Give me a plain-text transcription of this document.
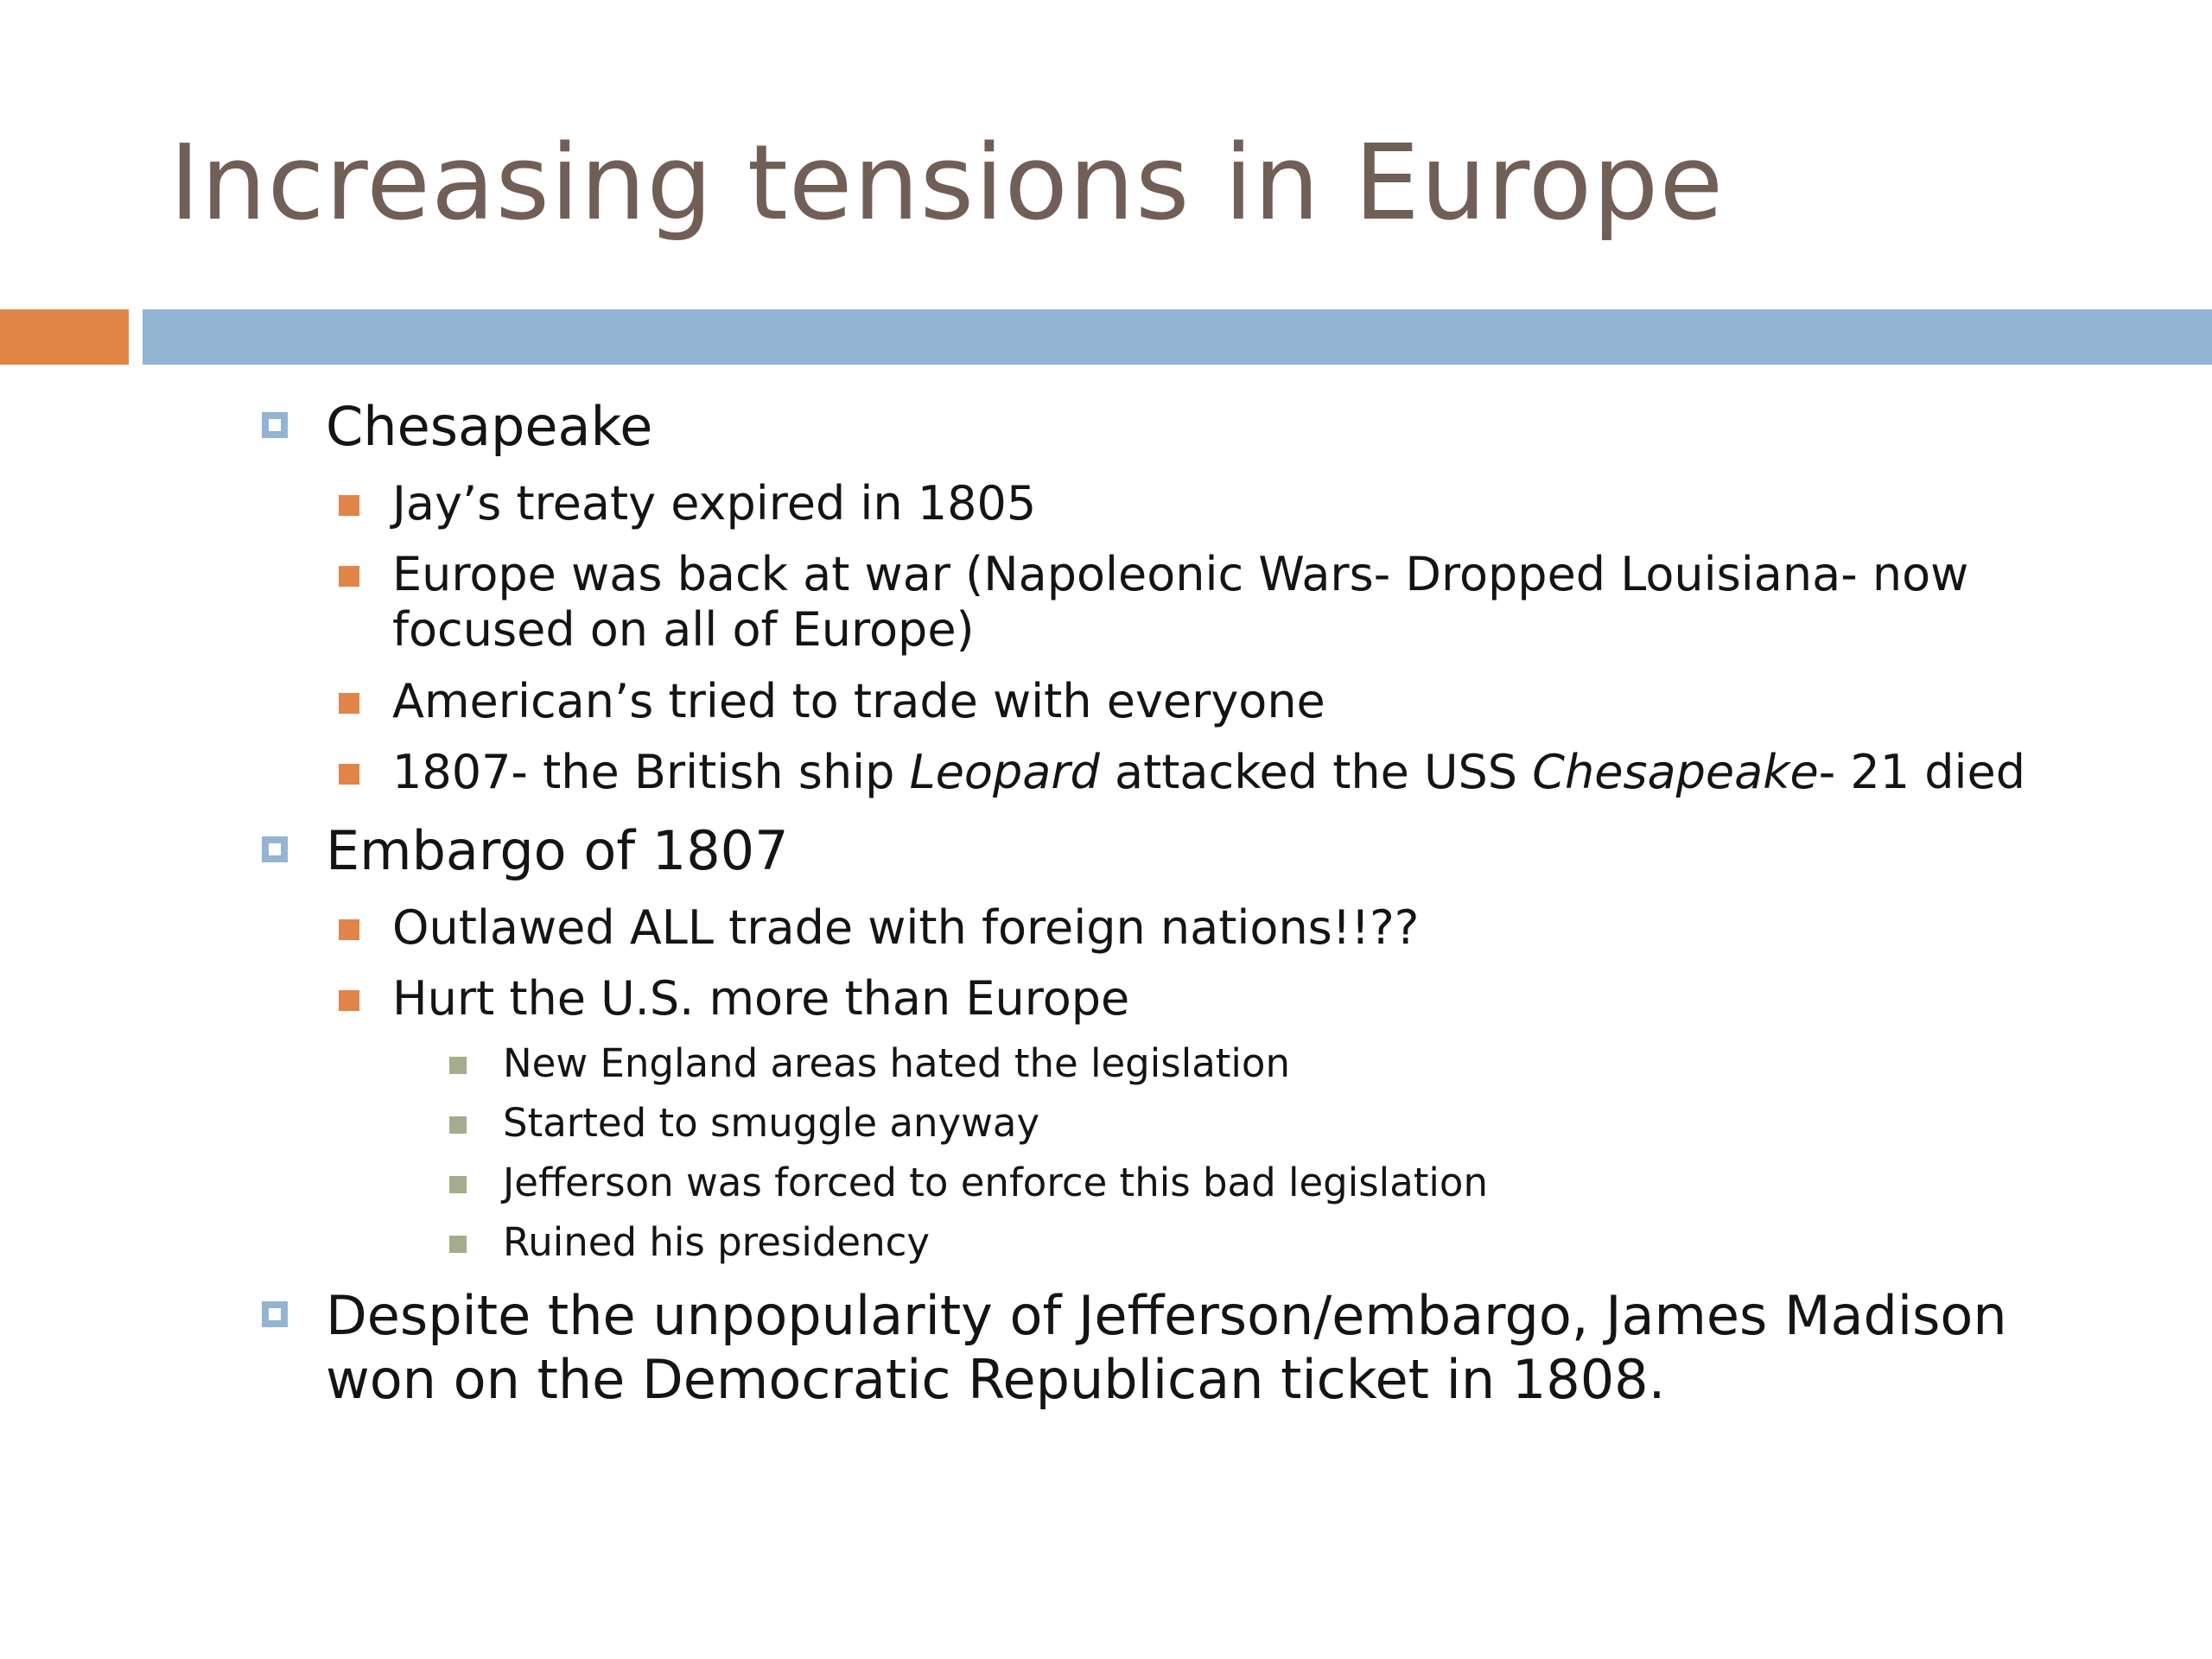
Increasing tensions in Europe
Chesapeake
Jay’s treaty expired in 1805
Europe was back at war (Napoleonic Wars- Dropped Louisiana- now
focused on all of Europe)
American’s tried to trade with everyone
1807- the British ship Leopard attacked the USS Chesapeake- 21 died
Embargo of 1807
Outlawed ALL trade with foreign nations!!??
Hurt the U.S. more than Europe
New England areas hated the legislation
Started to smuggle anyway
Jefferson was forced to enforce this bad legislation
Ruined his presidency
Despite the unpopularity of Jefferson/embargo, James Madison
won on the Democratic Republican ticket in 1808.
